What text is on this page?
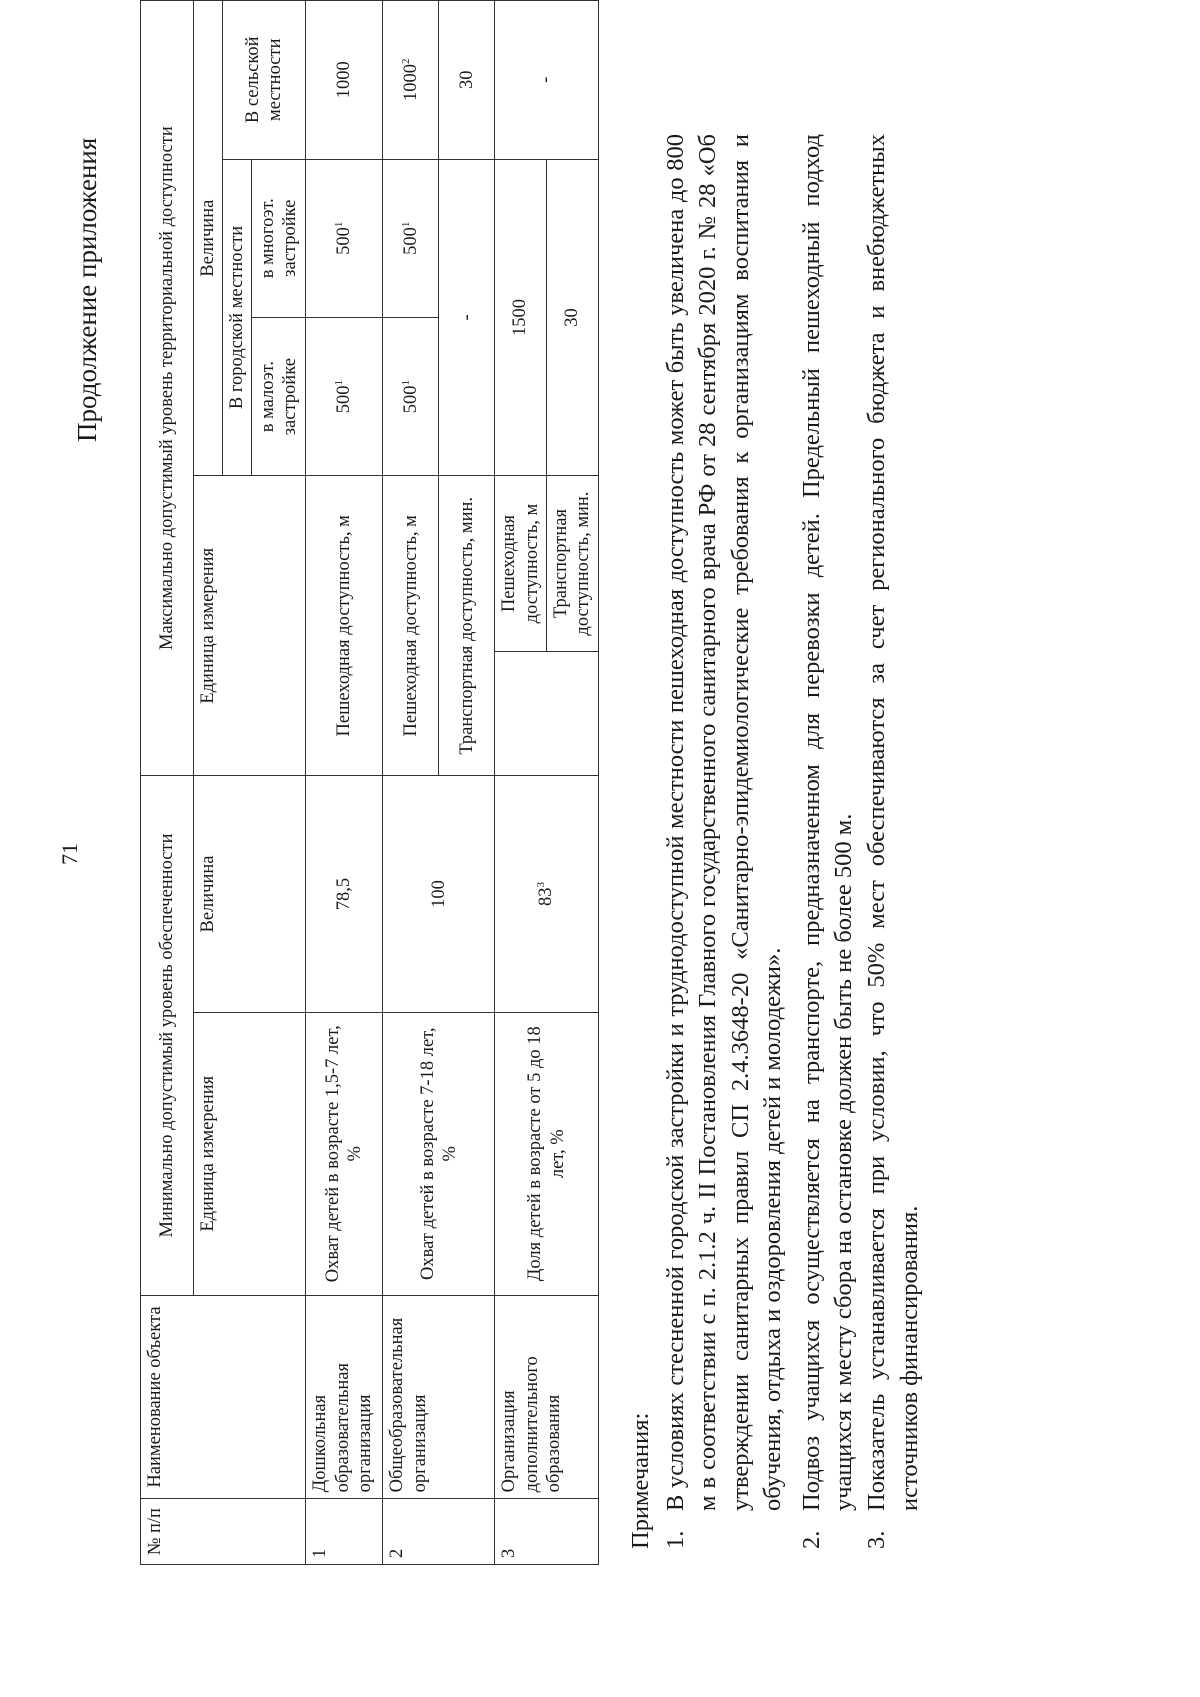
Продолжение приложения
71
№ п/п	Наименование объекта	Минимально допустимый уровень обеспеченности		Максимально допустимый уровень территориальной доступности				
		Единица измерения	Величина	Единица измерения		Величина		
						В городской местности		В сельской местности
						в малоэт. застройке	в многоэт. застройке	
1	Дошкольная образовательная организация	Охват детей в возрасте 1,5-7 лет, %	78,5	Пешеходная доступность, м		$500^1$	$500^1$	1000
2	Общеобразовательная организация	Охват детей в возрасте 7-18 лет, %	100	Пешеходная доступность, м		$500^1$	$500^1$	1000$^2$
				Транспортная доступность, мин.		-		30
3	Организация дополнительного образования	Доля детей в возрасте от 5 до 18 лет, %	$83^3$		Пешеходная доступность, м	1500		-
					Транспортная доступность, мин.	30		
Примечания: 1.
В условиях стесненной городской застройки и труднодоступной местности пешеходная доступность может быть увеличена до 800 м в соответствии с п. 2.1.2 ч. II Постановления Главного государственного санитарного врача РФ от 28 сентября 2020 г. № 28 «Об утверждении санитарных правил СП 2.4.3648-20 «Санитарно-эпидемиологические требования к организациям воспитания и обучения, отдыха и оздоровления детей и молодежи».
2.
Подвоз учащихся осуществляется на транспорте, предназначенном для перевозки детей. Предельный пешеходный подход учащихся к месту сбора на остановке должен быть не более 500 м.
3.
Показатель устанавливается при условии, что 50% мест обеспечиваются за счет регионального бюджета и внебюджетных источников финансирования.
